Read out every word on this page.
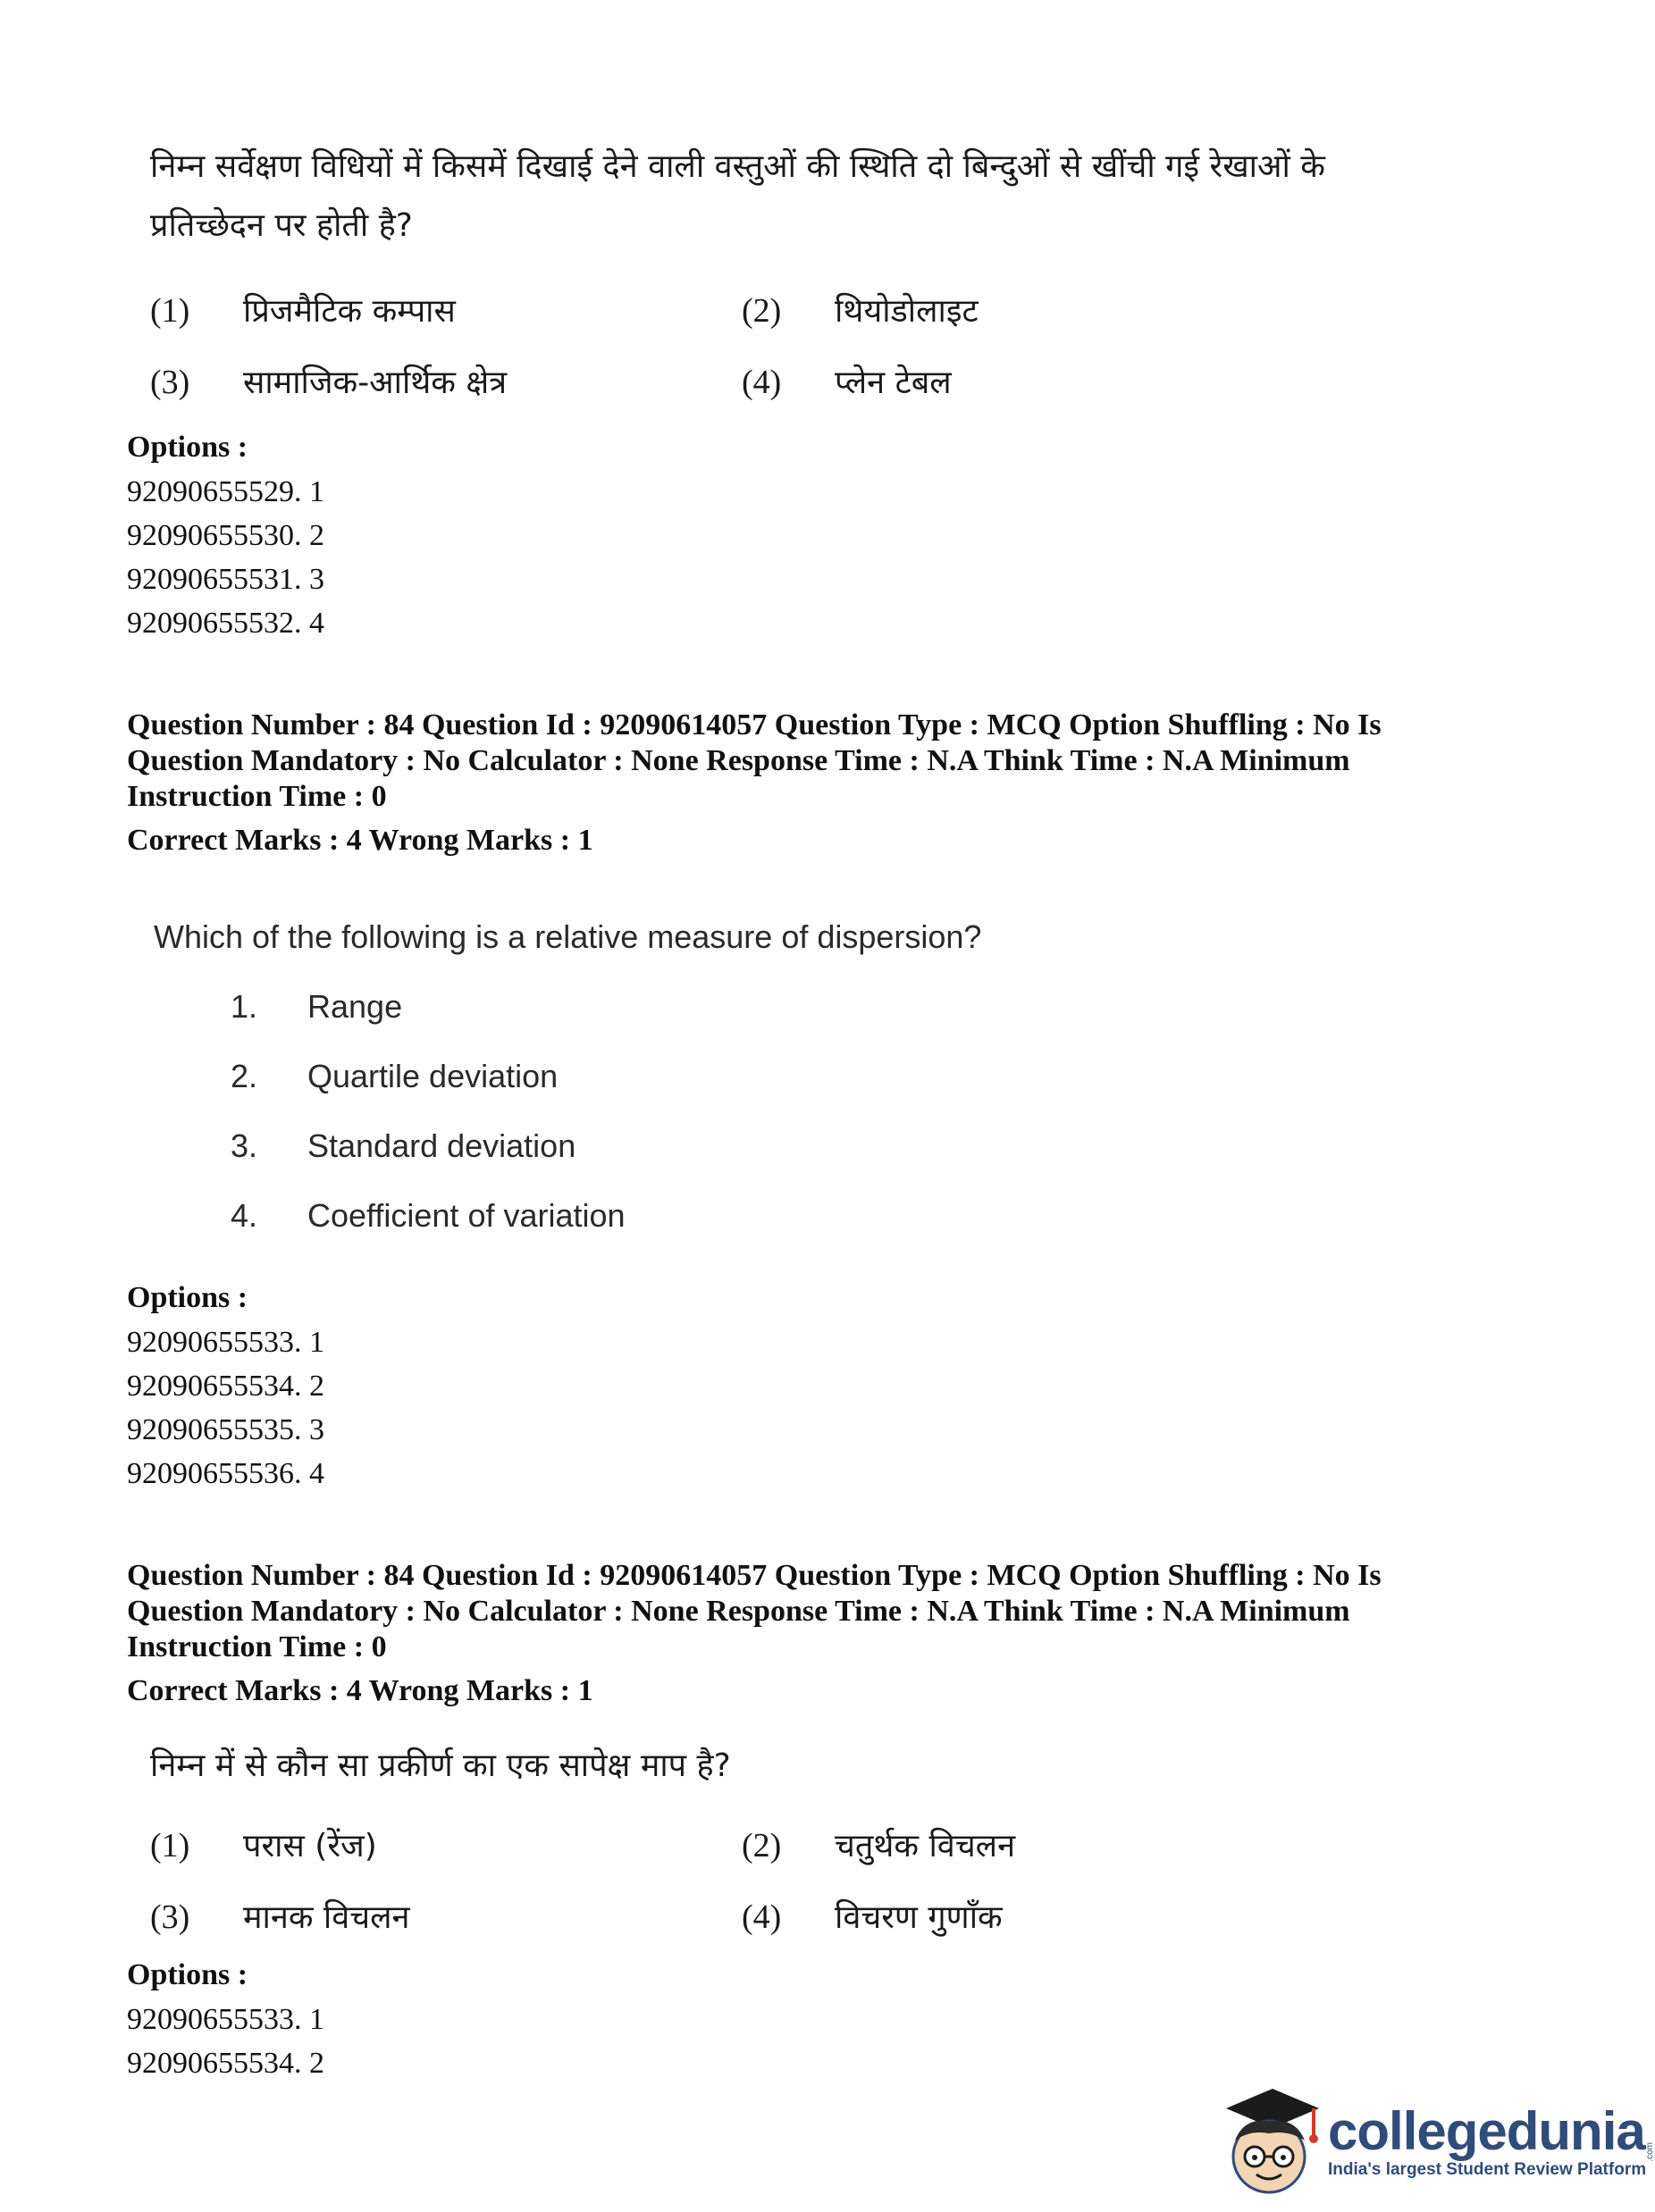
निम्न सर्वेक्षण विधियों में किसमें दिखाई देने वाली वस्तुओं की स्थिति दो बिन्दुओं से खींची गई रेखाओं के
प्रतिच्छेदन पर होती है?
(1)	प्रिजमैटिक कम्पास	(2)	थियोडोलाइट
(3)	सामाजिक-आर्थिक क्षेत्र	(4)	प्लेन टेबल
Options :
92090655529. 1
92090655530. 2
92090655531. 3
92090655532. 4
Question Number : 84 Question Id : 92090614057 Question Type : MCQ Option Shuffling : No Is
Question Mandatory : No Calculator : None Response Time : N.A Think Time : N.A Minimum
Instruction Time : 0
Correct Marks : 4 Wrong Marks : 1
Which of the following is a relative measure of dispersion?
1.	Range
2.	Quartile deviation
3.	Standard deviation
4.	Coefficient of variation
Options :
92090655533. 1
92090655534. 2
92090655535. 3
92090655536. 4
Question Number : 84 Question Id : 92090614057 Question Type : MCQ Option Shuffling : No Is
Question Mandatory : No Calculator : None Response Time : N.A Think Time : N.A Minimum
Instruction Time : 0
Correct Marks : 4 Wrong Marks : 1
निम्न में से कौन सा प्रकीर्ण का एक सापेक्ष माप है?
(1)	परास (रेंज)	(2)	चतुर्थक विचलन
(3)	मानक विचलन	(4)	विचरण गुणाँक
Options :
92090655533. 1
92090655534. 2
collegedunia .com
India's largest Student Review Platform
